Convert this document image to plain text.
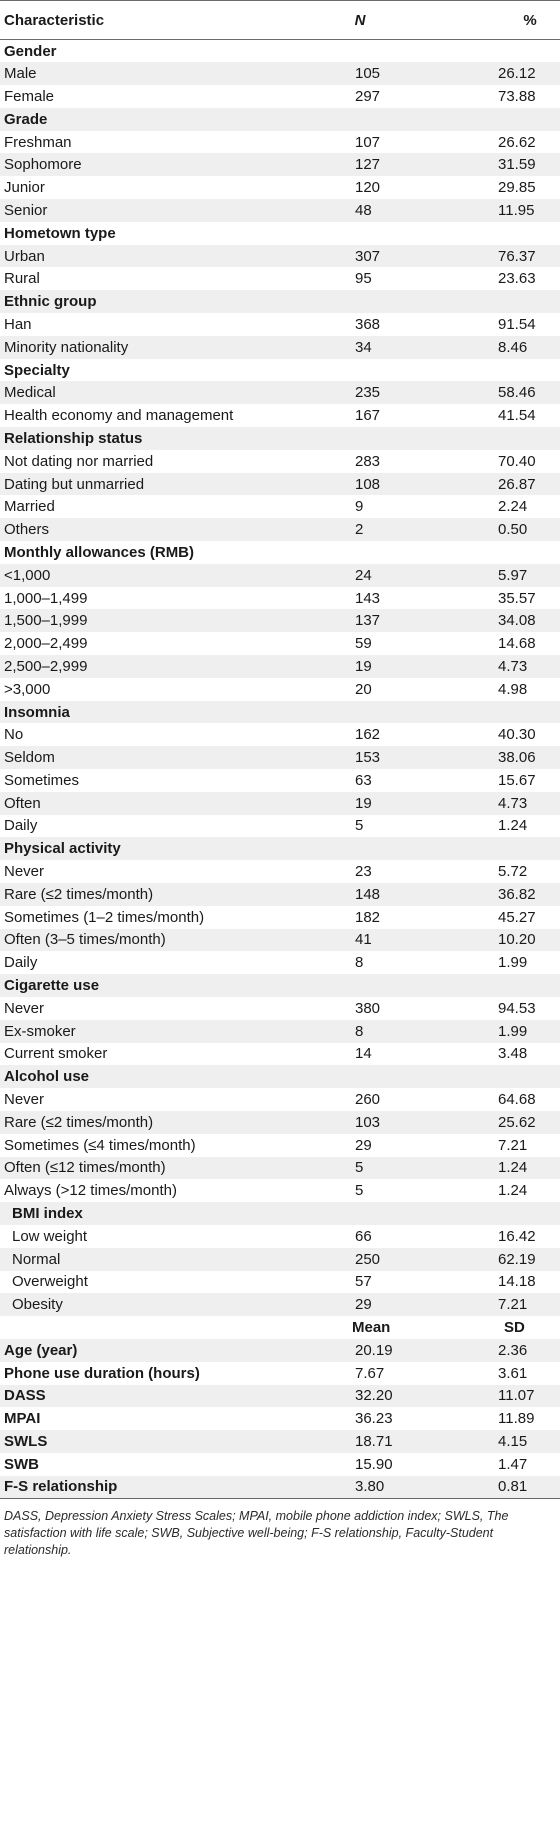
Characteristic	N	%
Gender		
Male	105	26.12
Female	297	73.88
Grade		
Freshman	107	26.62
Sophomore	127	31.59
Junior	120	29.85
Senior	48	11.95
Hometown type		
Urban	307	76.37
Rural	95	23.63
Ethnic group		
Han	368	91.54
Minority nationality	34	8.46
Specialty		
Medical	235	58.46
Health economy and management	167	41.54
Relationship status		
Not dating nor married	283	70.40
Dating but unmarried	108	26.87
Married	9	2.24
Others	2	0.50
Monthly allowances (RMB)		
<1,000	24	5.97
1,000–1,499	143	35.57
1,500–1,999	137	34.08
2,000–2,499	59	14.68
2,500–2,999	19	4.73
>3,000	20	4.98
Insomnia		
No	162	40.30
Seldom	153	38.06
Sometimes	63	15.67
Often	19	4.73
Daily	5	1.24
Physical activity		
Never	23	5.72
Rare (≤2 times/month)	148	36.82
Sometimes (1–2 times/month)	182	45.27
Often (3–5 times/month)	41	10.20
Daily	8	1.99
Cigarette use		
Never	380	94.53
Ex-smoker	8	1.99
Current smoker	14	3.48
Alcohol use		
Never	260	64.68
Rare (≤2 times/month)	103	25.62
Sometimes (≤4 times/month)	29	7.21
Often (≤12 times/month)	5	1.24
Always (>12 times/month)	5	1.24
BMI index		
Low weight	66	16.42
Normal	250	62.19
Overweight	57	14.18
Obesity	29	7.21
	Mean	SD
Age (year)	20.19	2.36
Phone use duration (hours)	7.67	3.61
DASS	32.20	11.07
MPAI	36.23	11.89
SWLS	18.71	4.15
SWB	15.90	1.47
F-S relationship	3.80	0.81
DASS, Depression Anxiety Stress Scales; MPAI, mobile phone addiction index; SWLS, The satisfaction with life scale; SWB, Subjective well-being; F-S relationship, Faculty-Student relationship.
